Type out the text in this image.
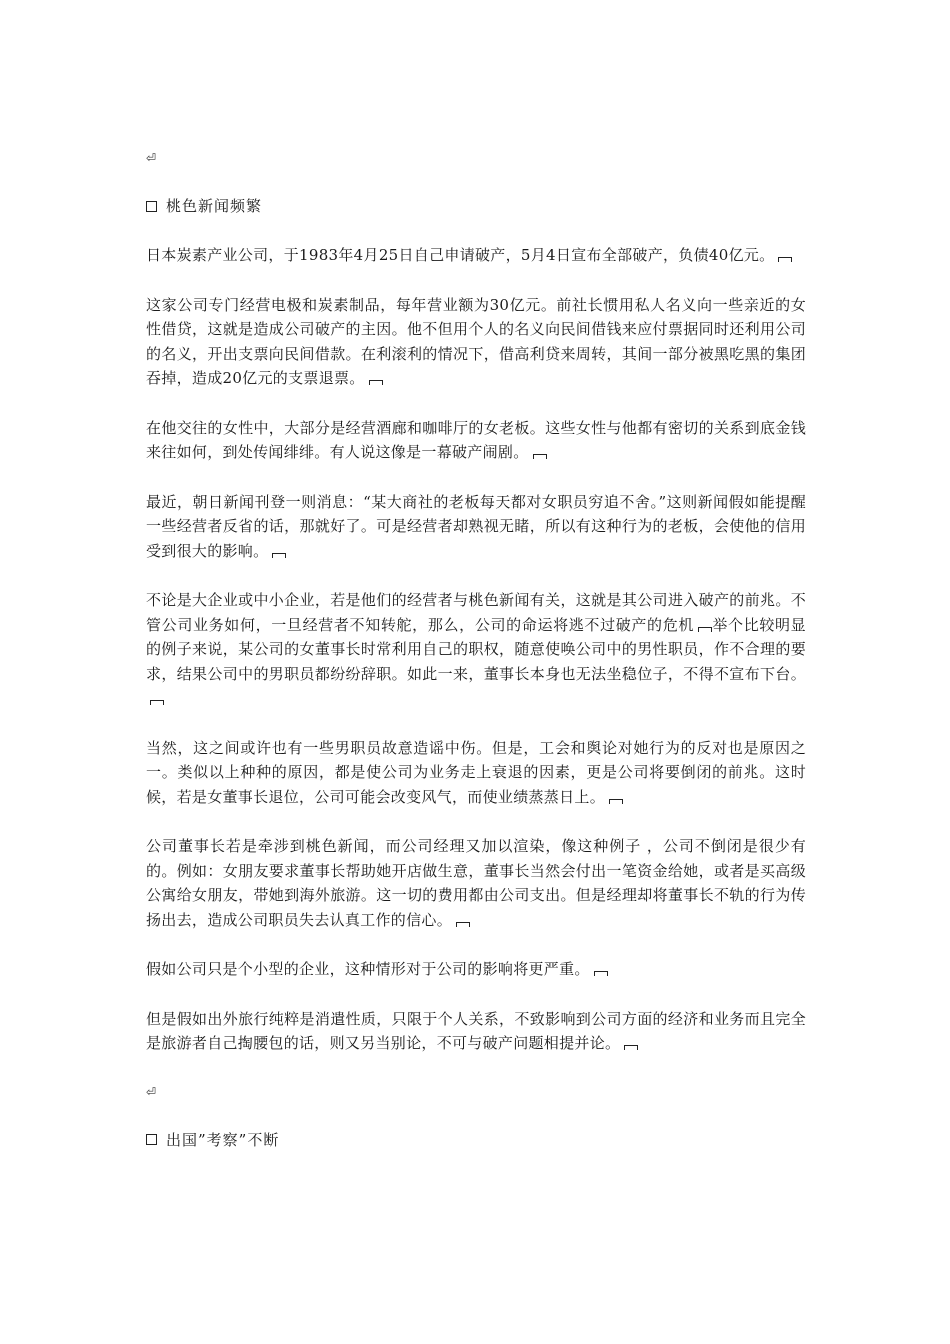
⏎
桃色新闻频繁

日本炭素产业公司，于1983年4月25日自己申请破产，5月4日宣布全部破产，负债40亿元。

这家公司专门经营电极和炭素制品，每年营业额为30亿元。前社长惯用私人名义向一些亲近的女性借贷，这就是造成公司破产的主因。他不但用个人的名义向民间借钱来应付票据同时还利用公司的名义，开出支票向民间借款。在利滚利的情况下，借高利贷来周转，其间一部分被黑吃黑的集团吞掉，造成20亿元的支票退票。

在他交往的女性中，大部分是经营酒廊和咖啡厅的女老板。这些女性与他都有密切的关系到底金钱来往如何，到处传闻绯绯。有人说这像是一幕破产闹剧。

最近，朝日新闻刊登一则消息：“某大商社的老板每天都对女职员穷追不舍。”这则新闻假如能提醒一些经营者反省的话，那就好了。可是经营者却熟视无睹，所以有这种行为的老板，会使他的信用受到很大的影响。

不论是大企业或中小企业，若是他们的经营者与桃色新闻有关，这就是其公司进入破产的前兆。不管公司业务如何，一旦经营者不知转舵，那么，公司的命运将逃不过破产的危机 举个比较明显的例子来说，某公司的女董事长时常利用自己的职权，随意使唤公司中的男性职员，作不合理的要求，结果公司中的男职员都纷纷辞职。如此一来，董事长本身也无法坐稳位子，不得不宣布下台。

当然，这之间或许也有一些男职员故意造谣中伤。但是，工会和舆论对她行为的反对也是原因之一。类似以上种种的原因，都是使公司为业务走上衰退的因素，更是公司将要倒闭的前兆。这时候，若是女董事长退位，公司可能会改变风气，而使业绩蒸蒸日上。

公司董事长若是牵涉到桃色新闻，而公司经理又加以渲染，像这种例子 ，公司不倒闭是很少有的。例如：女朋友要求董事长帮助她开店做生意，董事长当然会付出一笔资金给她，或者是买高级公寓给女朋友，带她到海外旅游。这一切的费用都由公司支出。但是经理却将董事长不轨的行为传扬出去，造成公司职员失去认真工作的信心。

假如公司只是个小型的企业，这种情形对于公司的影响将更严重。

但是假如出外旅行纯粹是消遣性质，只限于个人关系，不致影响到公司方面的经济和业务而且完全是旅游者自己掏腰包的话，则又另当别论，不可与破产问题相提并论。

⏎
出国”考察”不断
